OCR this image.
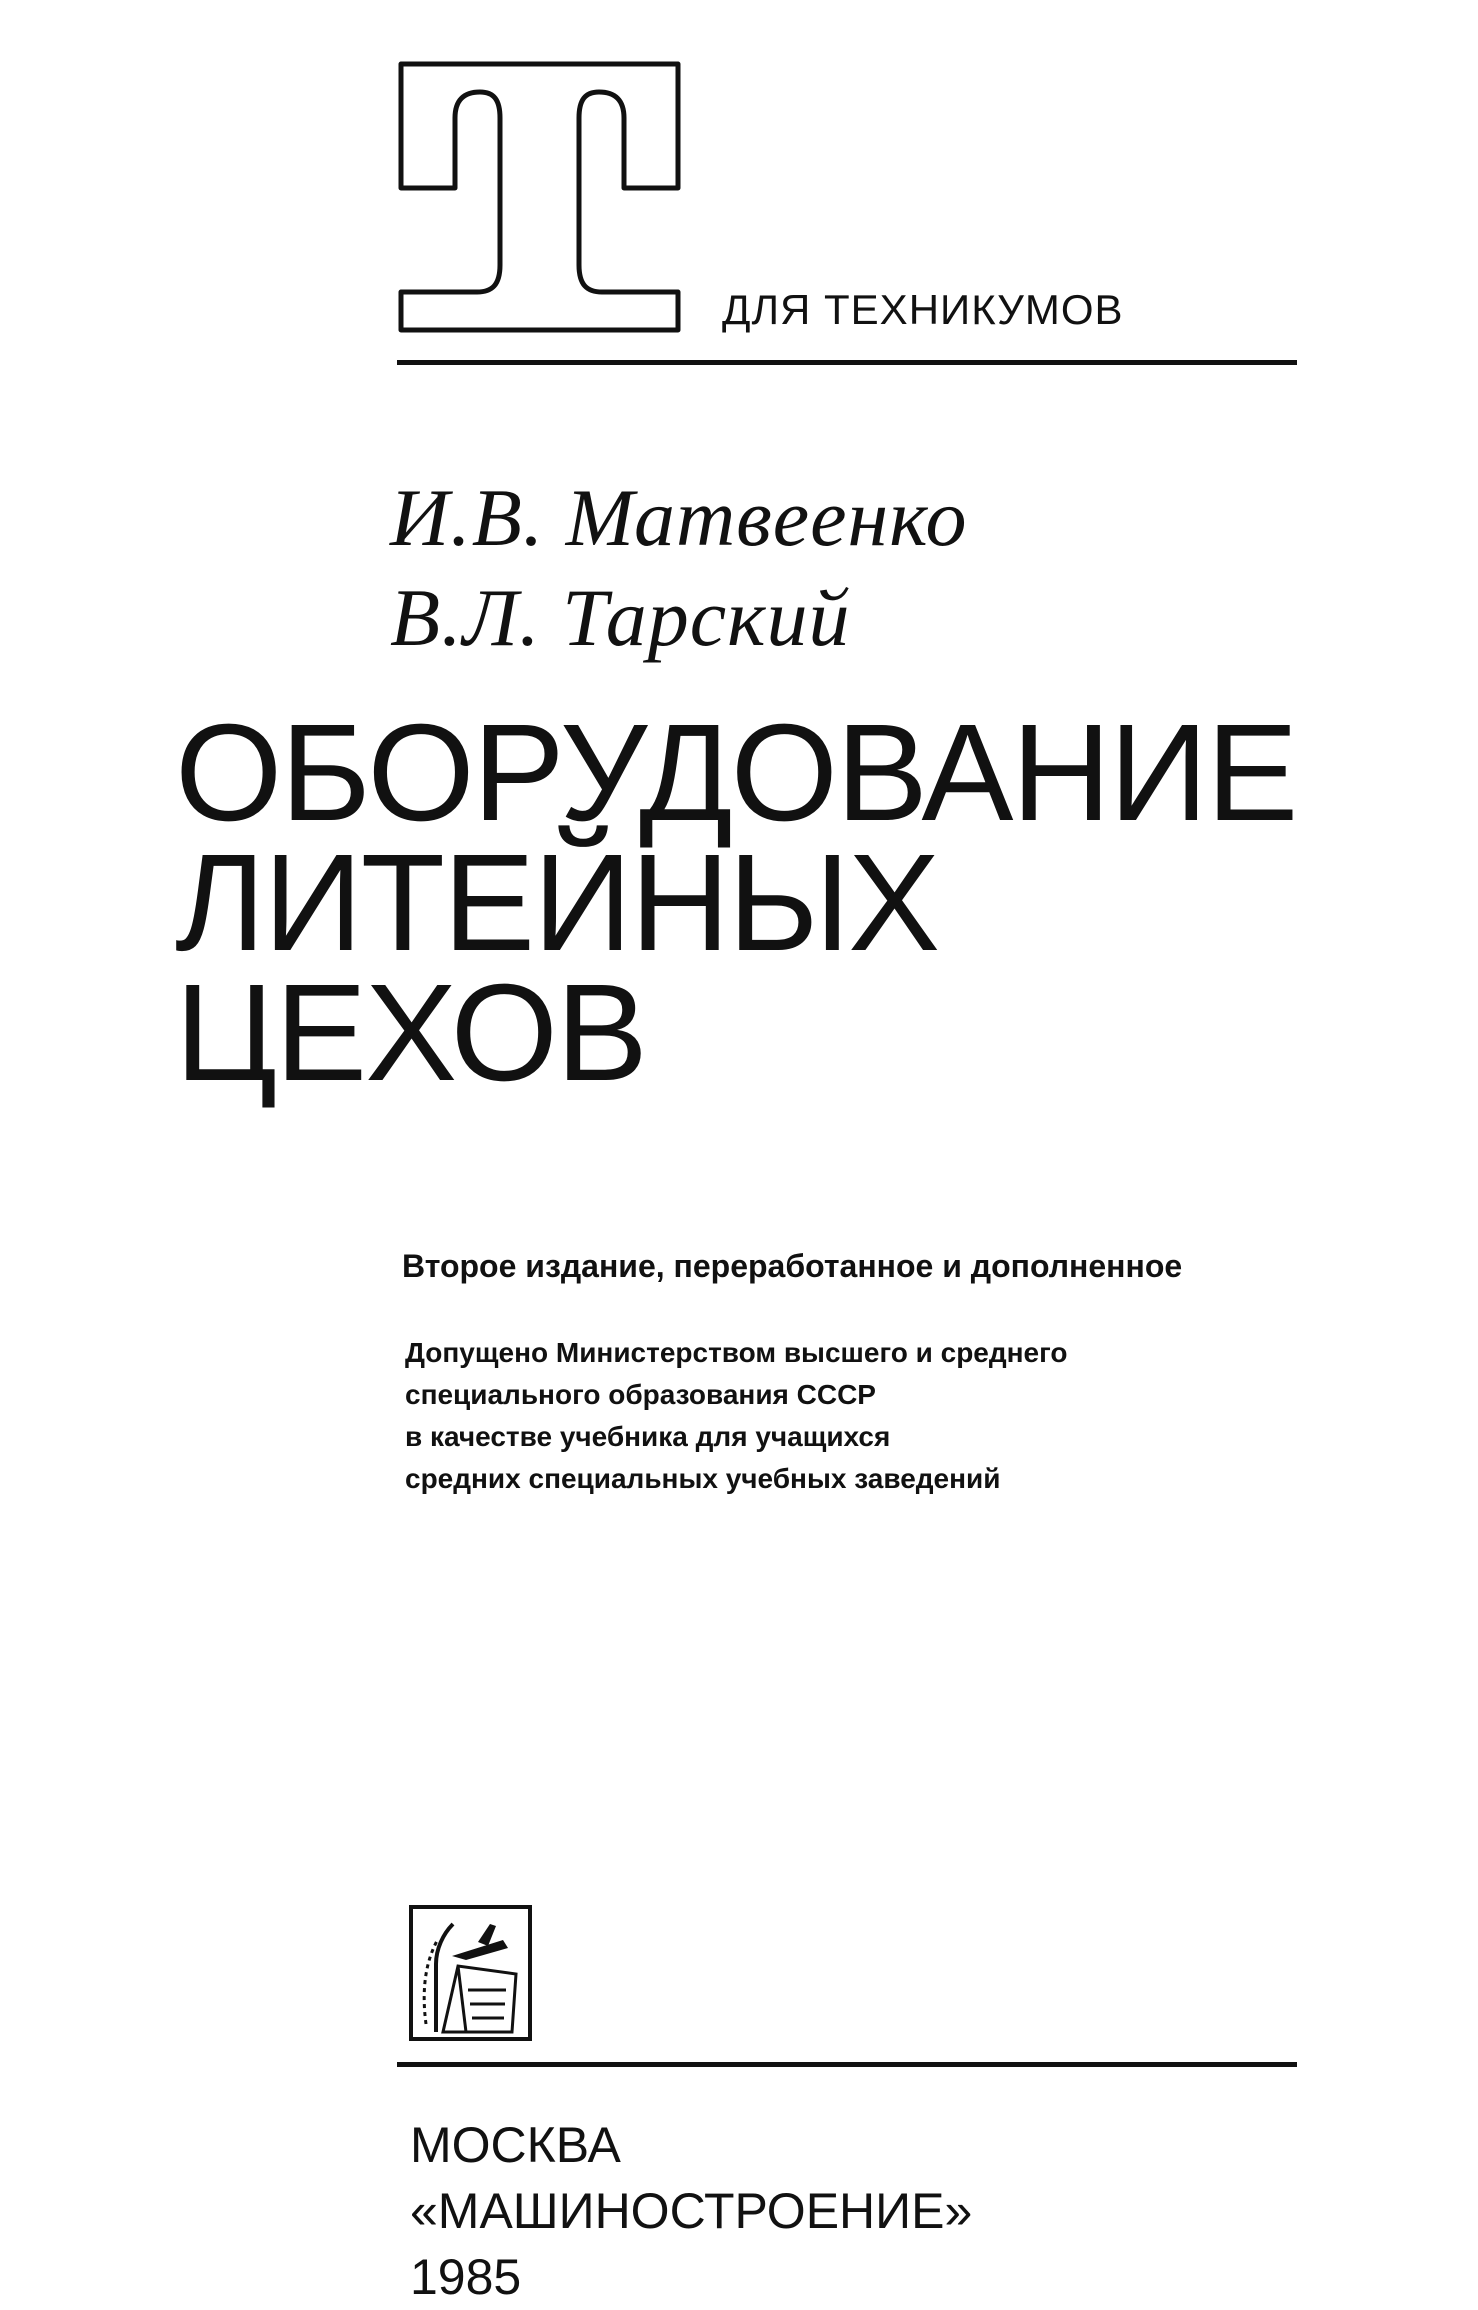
ДЛЯ ТЕХНИКУМОВ
И.В. Матвеенко
В.Л. Тарский
ОБОРУДОВАНИЕ
ЛИТЕЙНЫХ
ЦЕХОВ
Второе издание, переработанное и дополненное
Допущено Министерством высшего и среднего
специального образования СССР
в качестве учебника для учащихся
средних специальных учебных заведений
МОСКВА
«МАШИНОСТРОЕНИЕ»
1985
